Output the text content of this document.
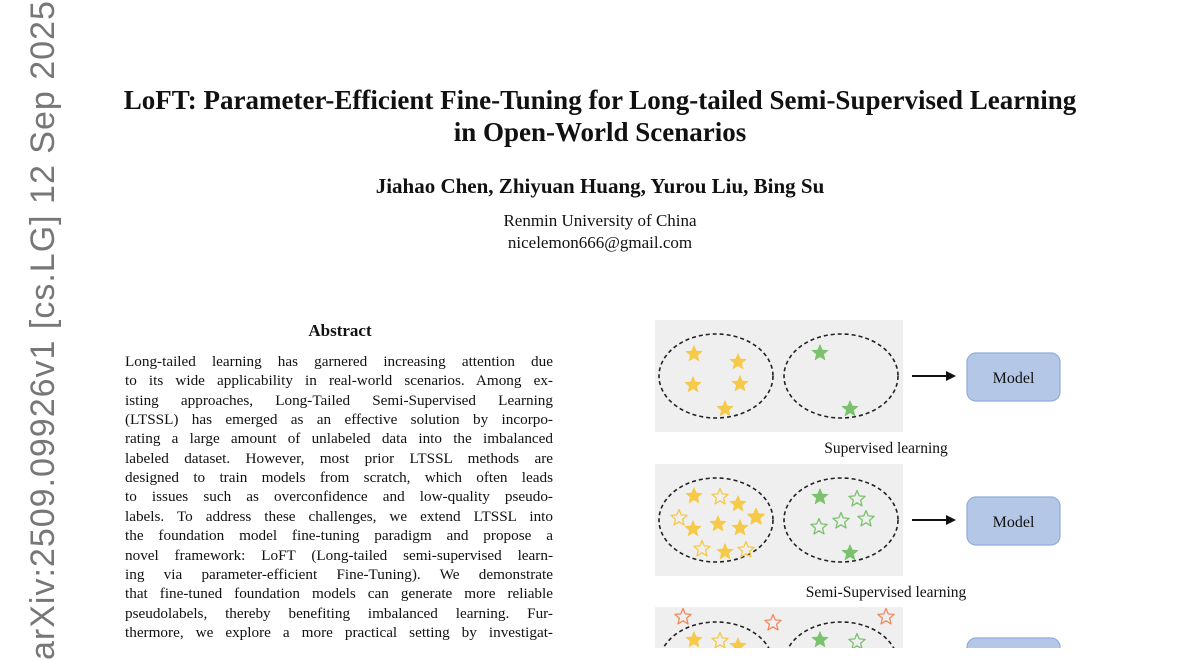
LoFT: Parameter-Efficient Fine-Tuning for Long-tailed Semi-Supervised Learning
in Open-World Scenarios
Jiahao Chen, Zhiyuan Huang, Yurou Liu, Bing Su
Renmin University of China
nicelemon666@gmail.com
arXiv:2509.09926v1 [cs.LG] 12 Sep 2025	Abstract
Long-tailed learning has garnered increasing attention due
to its wide applicability in real-world scenarios. Among ex-
isting approaches, Long-Tailed Semi-Supervised Learning
(LTSSL) has emerged as an effective solution by incorpo-
rating a large amount of unlabeled data into the imbalanced
labeled dataset. However, most prior LTSSL methods are
designed to train models from scratch, which often leads
to issues such as overconfidence and low-quality pseudo-
labels. To address these challenges, we extend LTSSL into
the foundation model fine-tuning paradigm and propose a
novel framework: LoFT (Long-tailed semi-supervised learn-
ing via parameter-efficient Fine-Tuning). We demonstrate
that fine-tuned foundation models can generate more reliable
pseudolabels, thereby benefiting imbalanced learning. Fur-
thermore, we explore a more practical setting by investigat-
Model
Model
Supervised learning
Semi-Supervised learning
